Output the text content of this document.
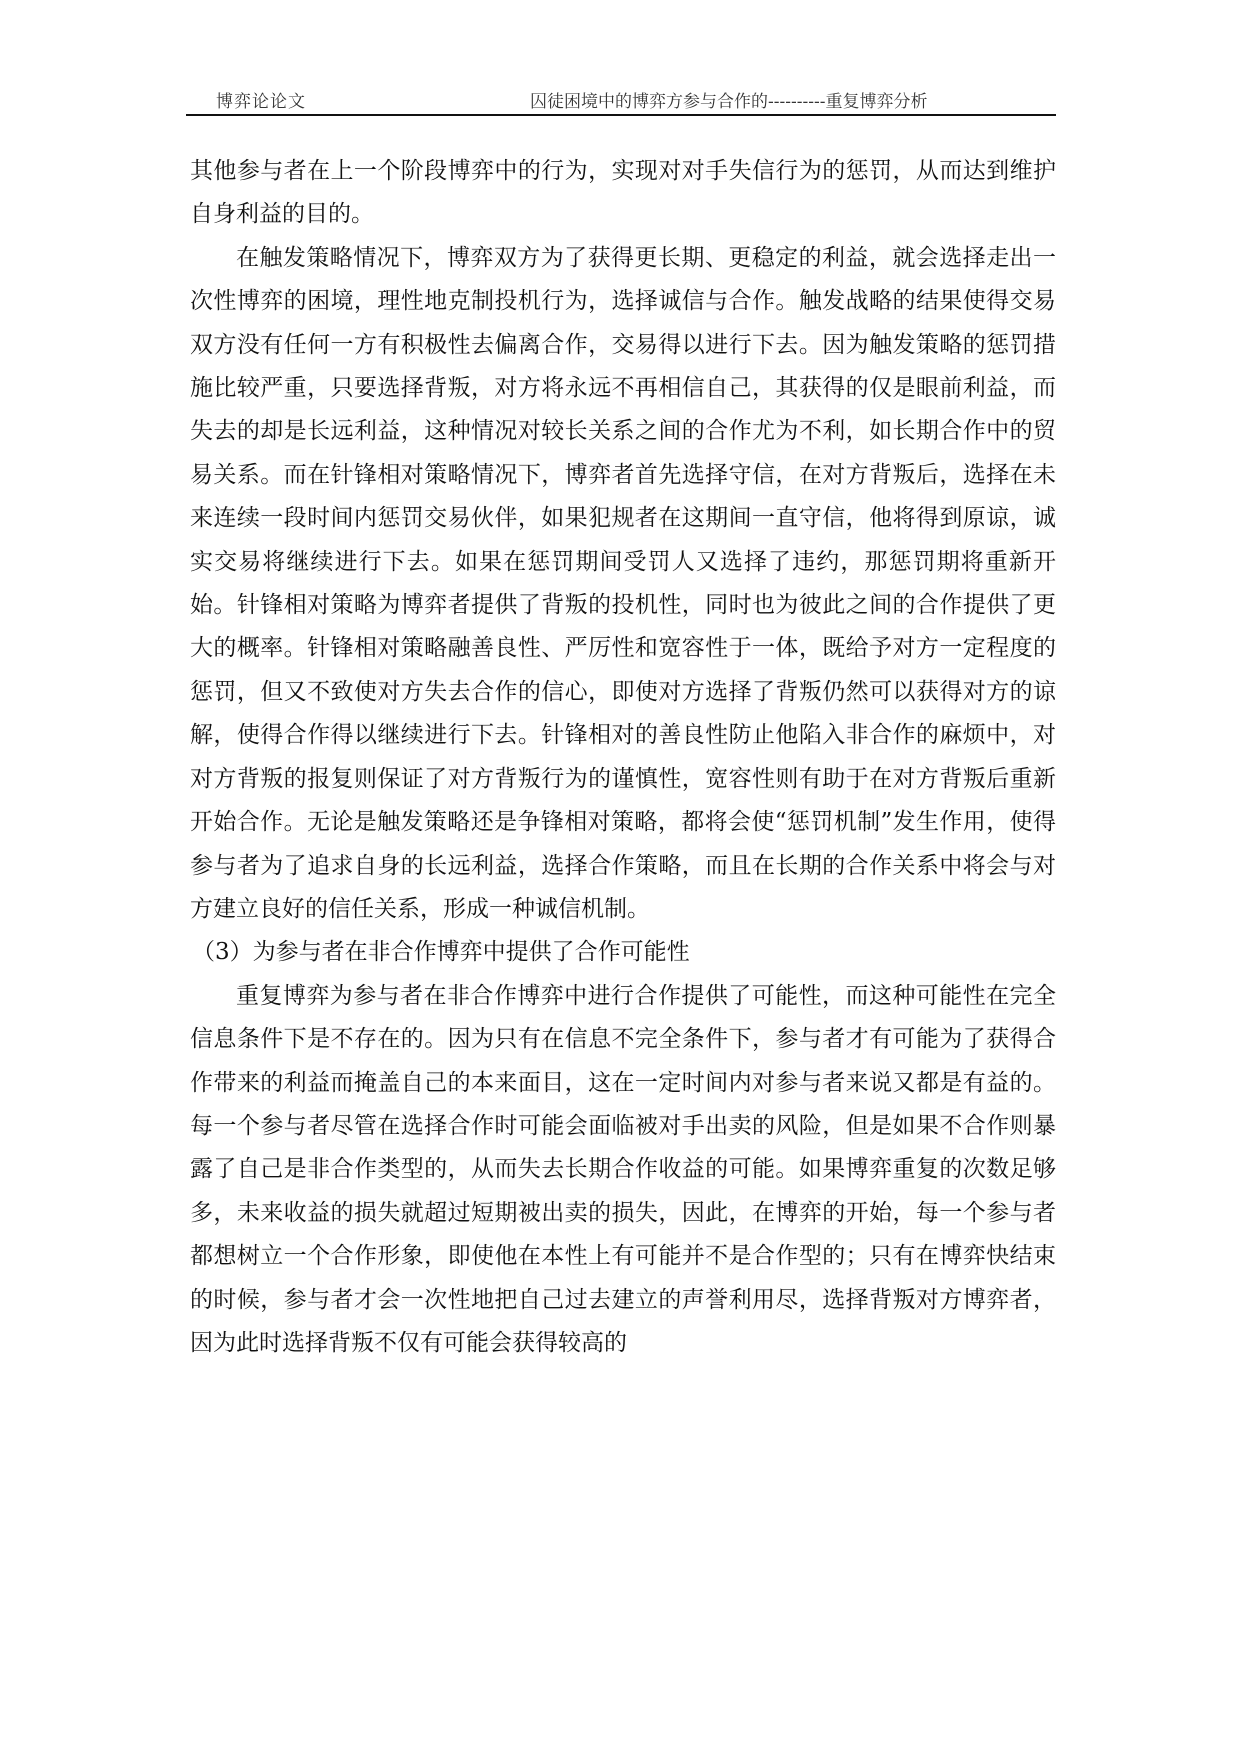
博弈论论文	囚徒困境中的博弈方参与合作的----------重复博弈分析

其他参与者在上一个阶段博弈中的行为，实现对对手失信行为的惩罚，从而达到维护自身利益的目的。

在触发策略情况下，博弈双方为了获得更长期、更稳定的利益，就会选择走出一次性博弈的困境，理性地克制投机行为，选择诚信与合作。触发战略的结果使得交易双方没有任何一方有积极性去偏离合作，交易得以进行下去。因为触发策略的惩罚措施比较严重，只要选择背叛，对方将永远不再相信自己，其获得的仅是眼前利益，而失去的却是长远利益，这种情况对较长关系之间的合作尤为不利，如长期合作中的贸易关系。而在针锋相对策略情况下，博弈者首先选择守信，在对方背叛后，选择在未来连续一段时间内惩罚交易伙伴，如果犯规者在这期间一直守信，他将得到原谅，诚实交易将继续进行下去。如果在惩罚期间受罚人又选择了违约，那惩罚期将重新开始。针锋相对策略为博弈者提供了背叛的投机性，同时也为彼此之间的合作提供了更大的概率。针锋相对策略融善良性、严厉性和宽容性于一体，既给予对方一定程度的惩罚，但又不致使对方失去合作的信心，即使对方选择了背叛仍然可以获得对方的谅解，使得合作得以继续进行下去。针锋相对的善良性防止他陷入非合作的麻烦中，对对方背叛的报复则保证了对方背叛行为的谨慎性，宽容性则有助于在对方背叛后重新开始合作。无论是触发策略还是争锋相对策略，都将会使“惩罚机制”发生作用，使得参与者为了追求自身的长远利益，选择合作策略，而且在长期的合作关系中将会与对方建立良好的信任关系，形成一种诚信机制。

（3）为参与者在非合作博弈中提供了合作可能性

重复博弈为参与者在非合作博弈中进行合作提供了可能性，而这种可能性在完全信息条件下是不存在的。因为只有在信息不完全条件下，参与者才有可能为了获得合作带来的利益而掩盖自己的本来面目，这在一定时间内对参与者来说又都是有益的。每一个参与者尽管在选择合作时可能会面临被对手出卖的风险，但是如果不合作则暴露了自己是非合作类型的，从而失去长期合作收益的可能。如果博弈重复的次数足够多，未来收益的损失就超过短期被出卖的损失，因此，在博弈的开始，每一个参与者都想树立一个合作形象，即使他在本性上有可能并不是合作型的；只有在博弈快结束的时候，参与者才会一次性地把自己过去建立的声誉利用尽，选择背叛对方博弈者，因为此时选择背叛不仅有可能会获得较高的
